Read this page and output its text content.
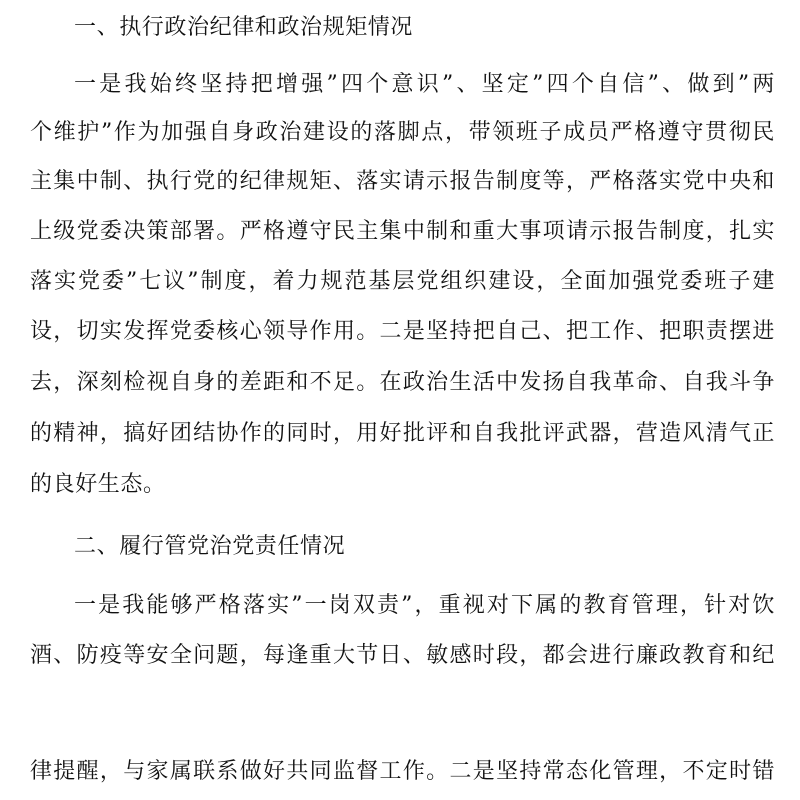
一、执行政治纪律和政治规矩情况
一是我始终坚持把增强”四个意识”、坚定”四个自信”、做到”两
个维护”作为加强自身政治建设的落脚点，带领班子成员严格遵守贯彻民
主集中制、执行党的纪律规矩、落实请示报告制度等，严格落实党中央和
上级党委决策部署。严格遵守民主集中制和重大事项请示报告制度，扎实
落实党委”七议”制度，着力规范基层党组织建设，全面加强党委班子建
设，切实发挥党委核心领导作用。二是坚持把自己、把工作、把职责摆进
去，深刻检视自身的差距和不足。在政治生活中发扬自我革命、自我斗争
的精神，搞好团结协作的同时，用好批评和自我批评武器，营造风清气正
的良好生态。
二、履行管党治党责任情况
一是我能够严格落实”一岗双责”，重视对下属的教育管理，针对饮
酒、防疫等安全问题，每逢重大节日、敏感时段，都会进行廉政教育和纪
律提醒，与家属联系做好共同监督工作。二是坚持常态化管理，不定时错
